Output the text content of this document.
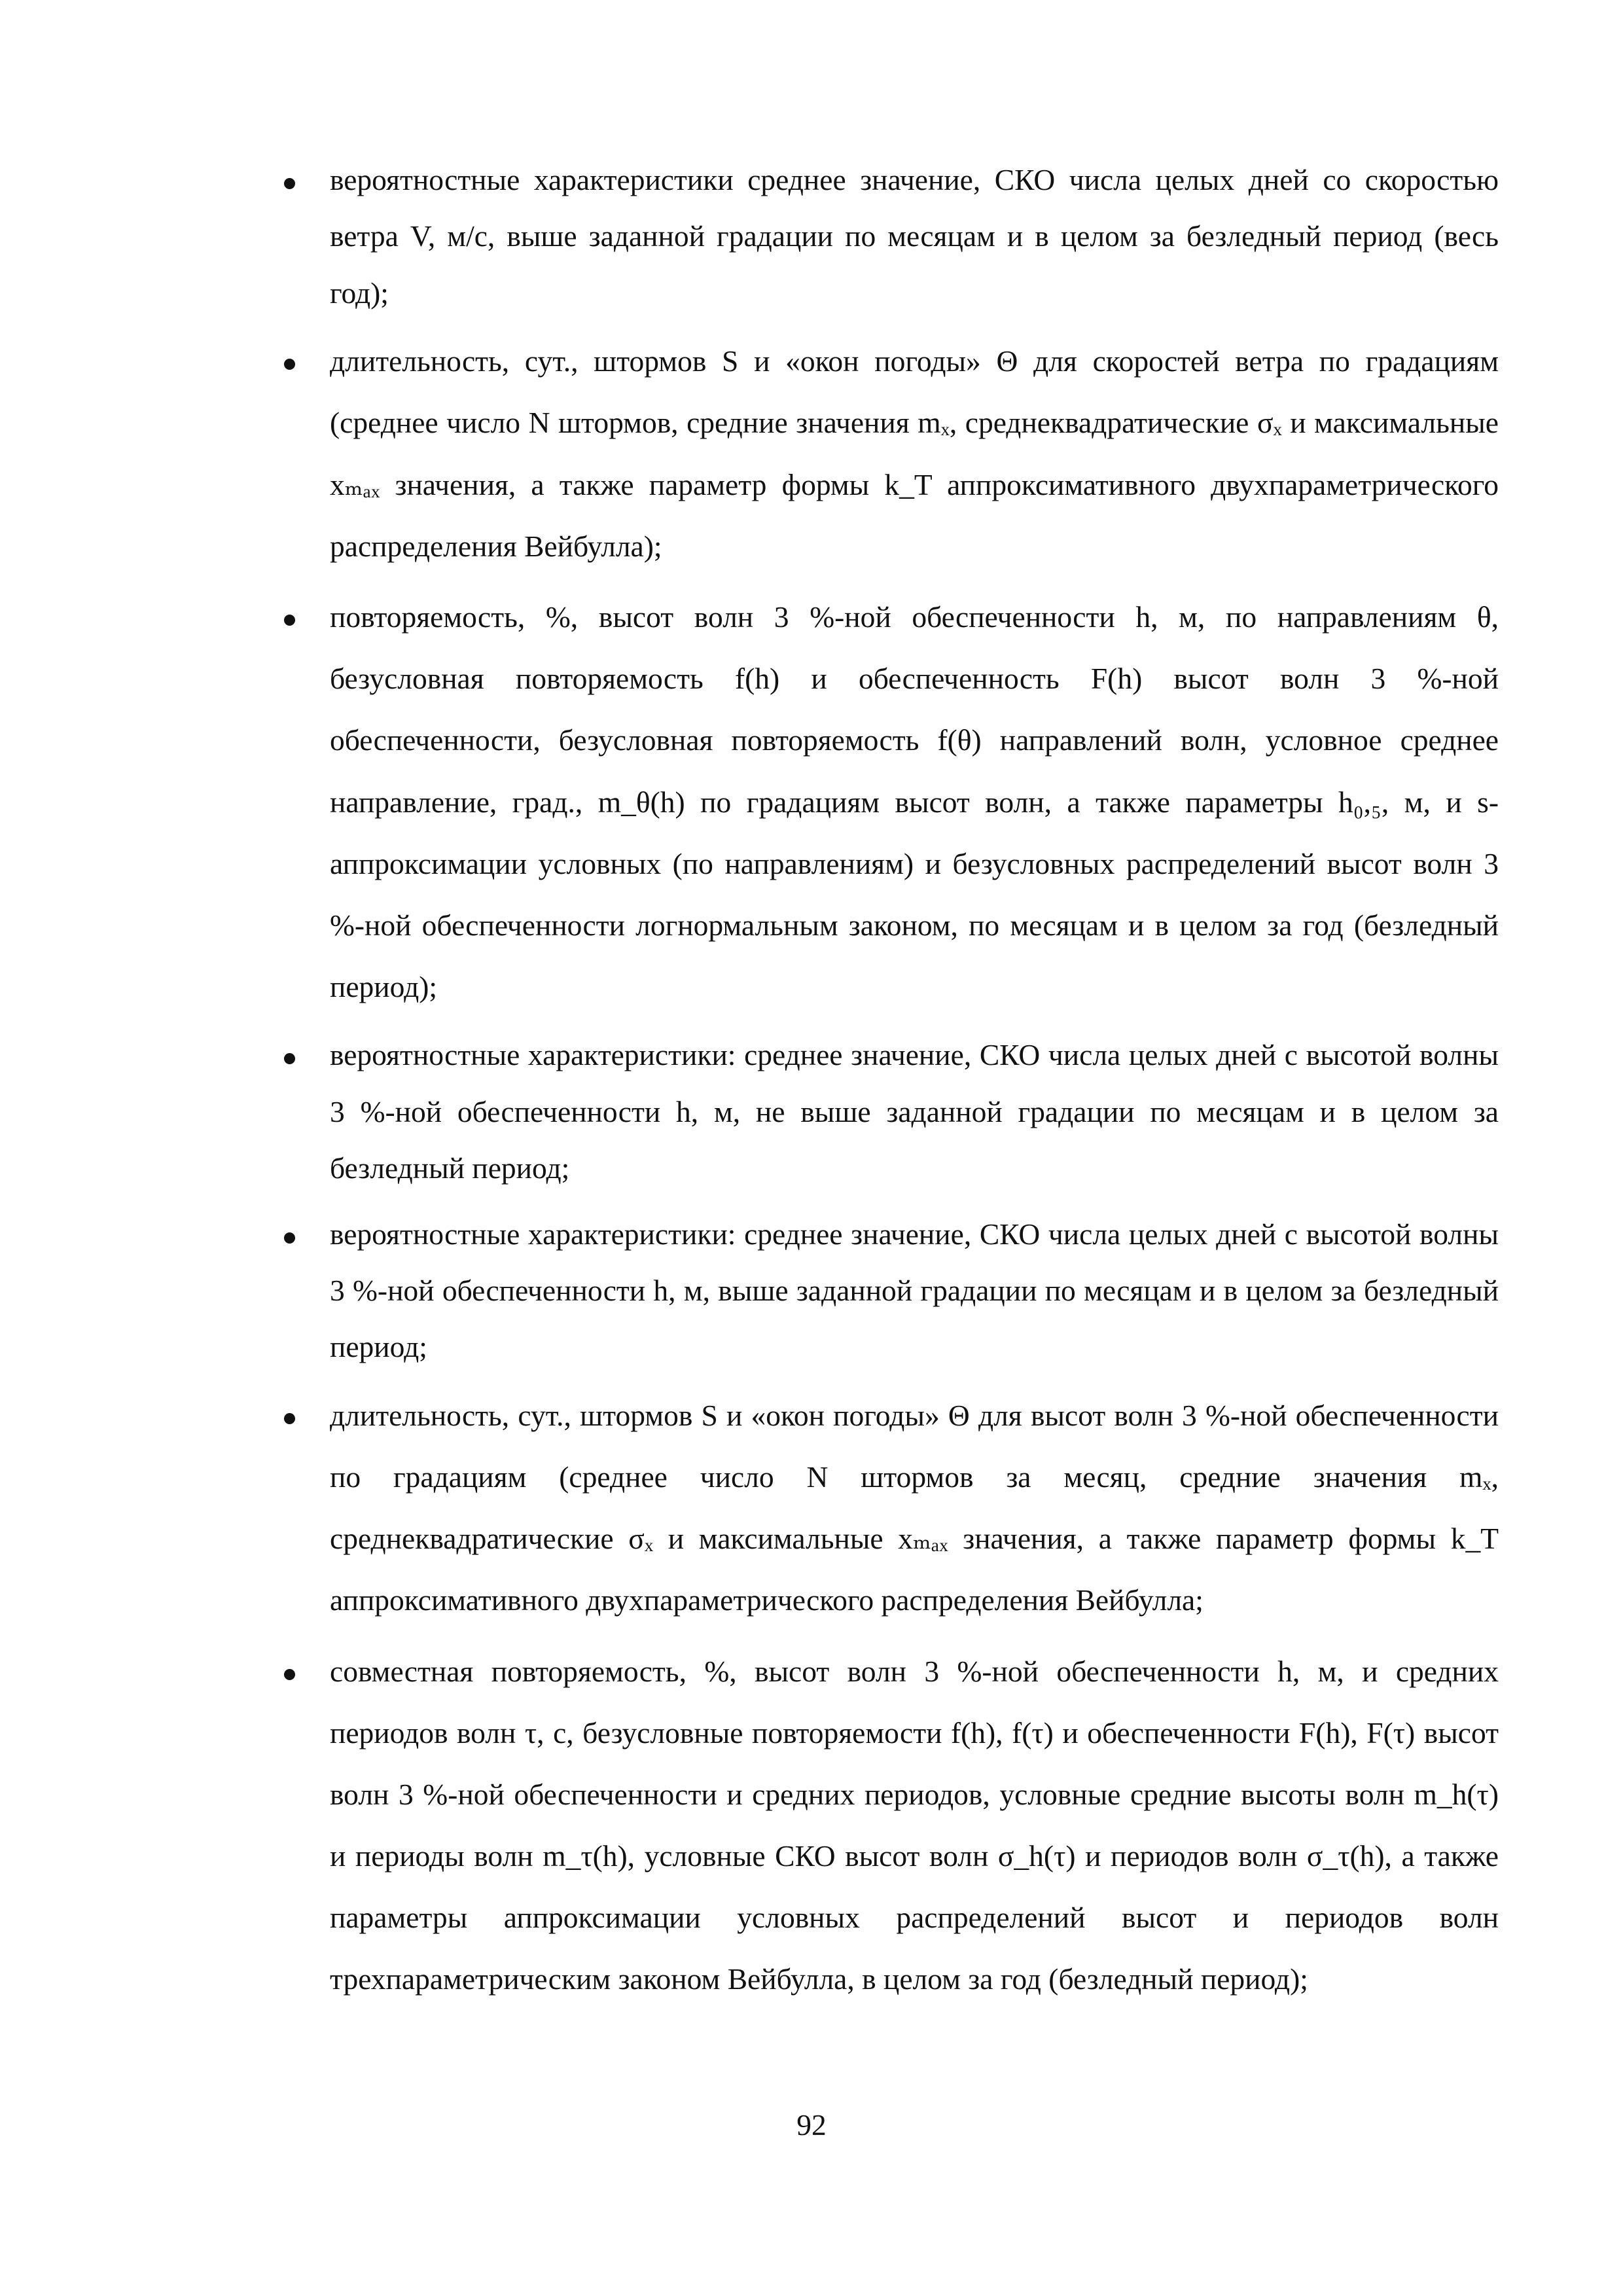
вероятностные характеристики среднее значение, СКО числа целых дней со скоростью ветра V, м/с, выше заданной градации по месяцам и в целом за безледный период (весь год);
длительность, сут., штормов S и «окон погоды» Θ для скоростей ветра по градациям (среднее число N штормов, средние значения mₓ, среднеквадратические σₓ и максимальные xₘₐₓ значения, а также параметр формы k_T аппроксимативного двухпараметрического распределения Вейбулла);
повторяемость, %, высот волн 3 %-ной обеспеченности h, м, по направлениям θ, безусловная повторяемость f(h) и обеспеченность F(h) высот волн 3 %-ной обеспеченности, безусловная повторяемость f(θ) направлений волн, условное среднее направление, град., m_θ(h) по градациям высот волн, а также параметры h₀,₅, м, и s-аппроксимации условных (по направлениям) и безусловных распределений высот волн 3 %-ной обеспеченности логнормальным законом, по месяцам и в целом за год (безледный период);
вероятностные характеристики: среднее значение, СКО числа целых дней с высотой волны 3 %-ной обеспеченности h, м, не выше заданной градации по месяцам и в целом за безледный период;
вероятностные характеристики: среднее значение, СКО числа целых дней с высотой волны 3 %-ной обеспеченности h, м, выше заданной градации по месяцам и в целом за безледный период;
длительность, сут., штормов S и «окон погоды» Θ для высот волн 3 %-ной обеспеченности по градациям (среднее число N штормов за месяц, средние значения mₓ, среднеквадратические σₓ и максимальные xₘₐₓ значения, а также параметр формы k_T аппроксимативного двухпараметрического распределения Вейбулла;
совместная повторяемость, %, высот волн 3 %-ной обеспеченности h, м, и средних периодов волн τ, с, безусловные повторяемости f(h), f(τ) и обеспеченности F(h), F(τ) высот волн 3 %-ной обеспеченности и средних периодов, условные средние высоты волн m_h(τ) и периоды волн m_τ(h), условные СКО высот волн σ_h(τ) и периодов волн σ_τ(h), а также параметры аппроксимации условных распределений высот и периодов волн трехпараметрическим законом Вейбулла, в целом за год (безледный период);
92
